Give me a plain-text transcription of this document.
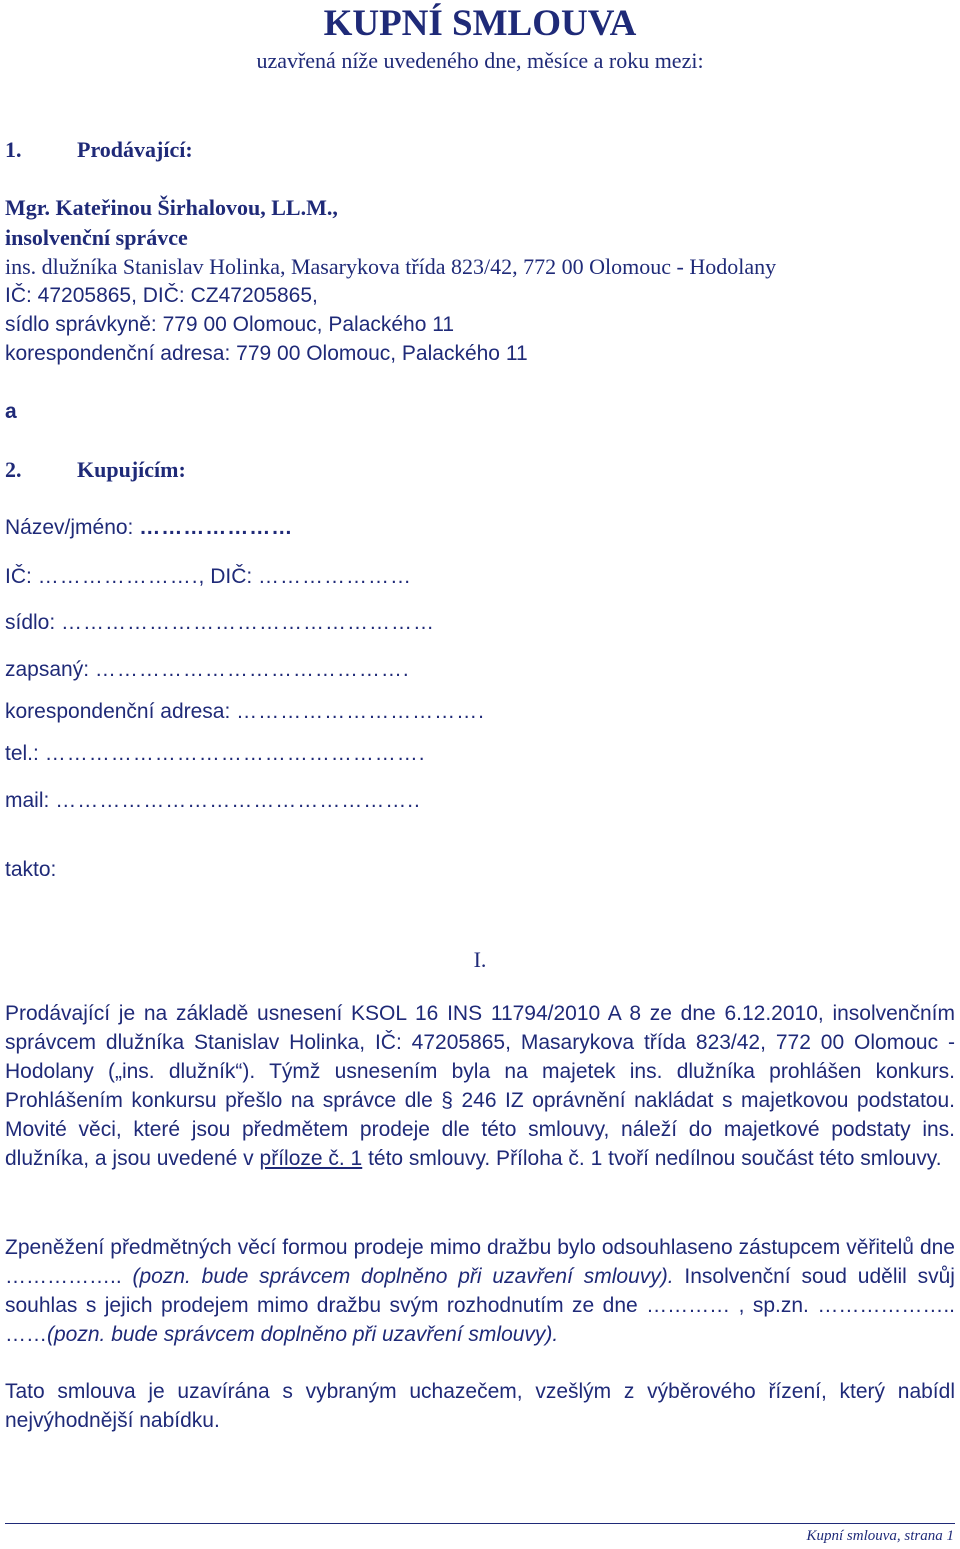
KUPNÍ SMLOUVA
uzavřená níže uvedeného dne, měsíce a roku mezi:
1.	Prodávající:
Mgr. Kateřinou Širhalovou, LL.M.,
insolvenční správce
ins. dlužníka Stanislav Holinka, Masarykova třída 823/42, 772 00 Olomouc - Hodolany
IČ: 47205865, DIČ: CZ47205865,
sídlo správkyně: 779 00 Olomouc, Palackého 11
korespondenční adresa: 779 00 Olomouc, Palackého 11
a
2.	Kupujícím:
Název/jméno: …………………
IČ: …………………., DIČ: …………………
sídlo: ……………………………………………
zapsaný: …………………………………….
korespondenční adresa: …………………………….
tel.: …………………………………………….
mail: …………………………………………..
takto:
I.
Prodávající je na základě usnesení KSOL 16 INS 11794/2010 A 8 ze dne 6.12.2010, insolvenčním správcem dlužníka Stanislav Holinka, IČ: 47205865, Masarykova třída 823/42, 772 00 Olomouc - Hodolany („ins. dlužník“). Týmž usnesením byla na majetek ins. dlužníka prohlášen konkurs. Prohlášením konkursu přešlo na správce dle § 246 IZ oprávnění nakládat s majetkovou podstatou. Movité věci, které jsou předmětem prodeje dle této smlouvy, náleží do majetkové podstaty ins. dlužníka, a jsou uvedené v příloze č. 1 této smlouvy. Příloha č. 1 tvoří nedílnou součást této smlouvy.
Zpeněžení předmětných věcí formou prodeje mimo dražbu bylo odsouhlaseno zástupcem věřitelů dne …………….. (pozn. bude správcem doplněno při uzavření smlouvy). Insolvenční soud udělil svůj souhlas s jejich prodejem mimo dražbu svým rozhodnutím ze dne ………… , sp.zn. ……………….. ……(pozn. bude správcem doplněno při uzavření smlouvy).
Tato smlouva je uzavírána s vybraným uchazečem, vzešlým z výběrového řízení, který nabídl nejvýhodnější nabídku.
Kupní smlouva, strana 1
